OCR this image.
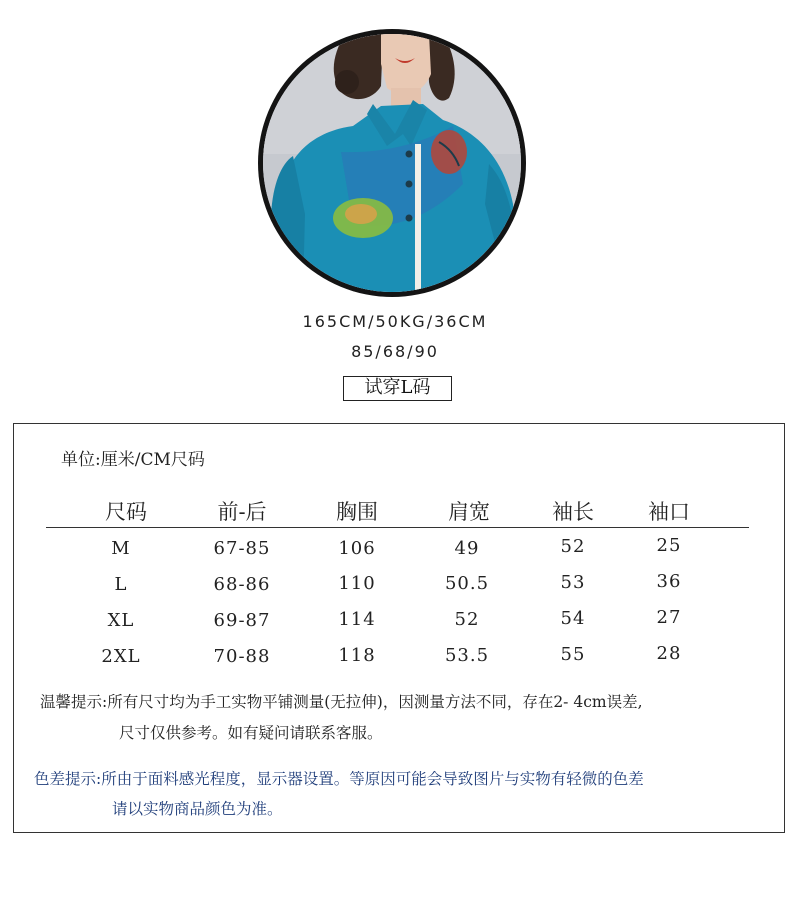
165CM/50KG/36CM
85/68/90
试穿L码
单位:厘米/CM尺码
尺码	前-后	胸围	肩宽	袖长	袖口
M	67-85	106	49	52	25
L	68-86	110	50.5	53	36
XL	69-87	114	52	54	27
2XL	70-88	118	53.5	55	28
温馨提示:所有尺寸均为手工实物平铺测量(无拉伸)，因测量方法不同，存在2- 4cm误差,
尺寸仅供参考。如有疑问请联系客服。
色差提示:所由于面料感光程度，显示器设置。等原因可能会导致图片与实物有轻微的色差
请以实物商品颜色为准。
